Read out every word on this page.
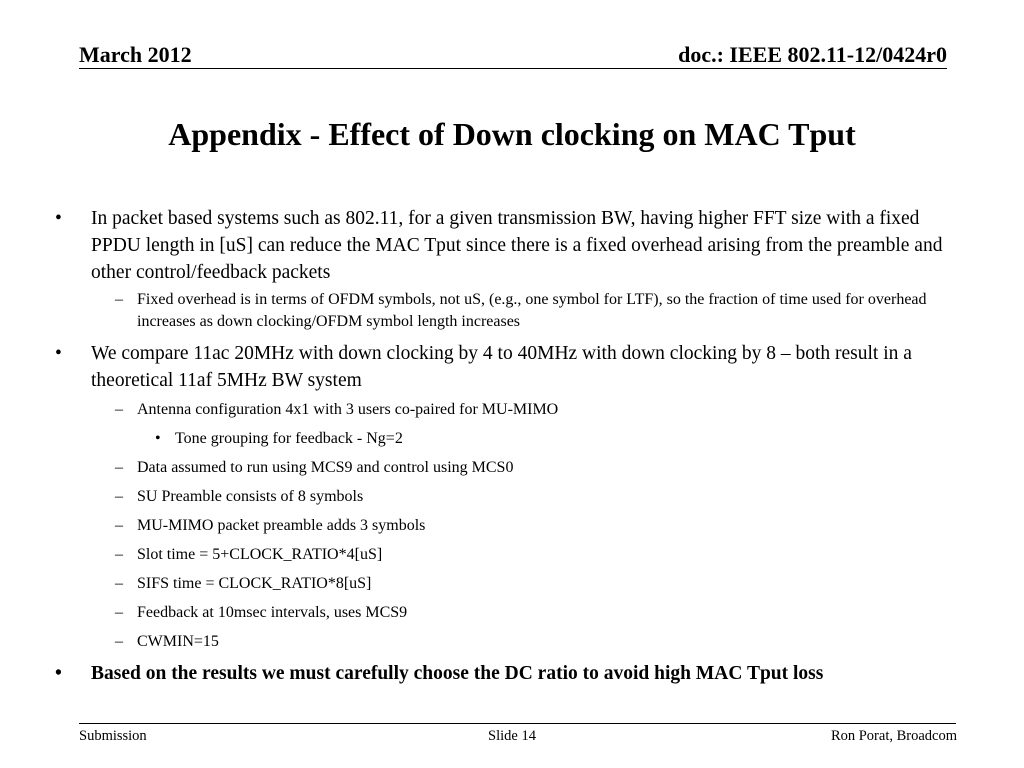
March 2012	doc.: IEEE 802.11-12/0424r0
Appendix - Effect of Down clocking on MAC Tput
• In packet based systems such as 802.11, for a given transmission BW, having higher FFT size with a fixed PPDU length in [uS] can reduce the MAC Tput since there is a fixed overhead arising from the preamble and other control/feedback packets
– Fixed overhead is in terms of OFDM symbols, not uS, (e.g., one symbol for LTF), so the fraction of time used for overhead increases as down clocking/OFDM symbol length increases
• We compare 11ac 20MHz with down clocking by 4 to 40MHz with down clocking by 8 – both result in a theoretical 11af 5MHz BW system
– Antenna configuration 4x1 with 3 users co-paired for MU-MIMO
• Tone grouping for feedback - Ng=2
– Data assumed to run using MCS9 and control using MCS0
– SU Preamble consists of 8 symbols
– MU-MIMO packet preamble adds 3 symbols
– Slot time = 5+CLOCK_RATIO*4[uS]
– SIFS time = CLOCK_RATIO*8[uS]
– Feedback at 10msec intervals, uses MCS9
– CWMIN=15
• Based on the results we must carefully choose the DC ratio to avoid high MAC Tput loss
Submission	Slide 14	Ron Porat, Broadcom
